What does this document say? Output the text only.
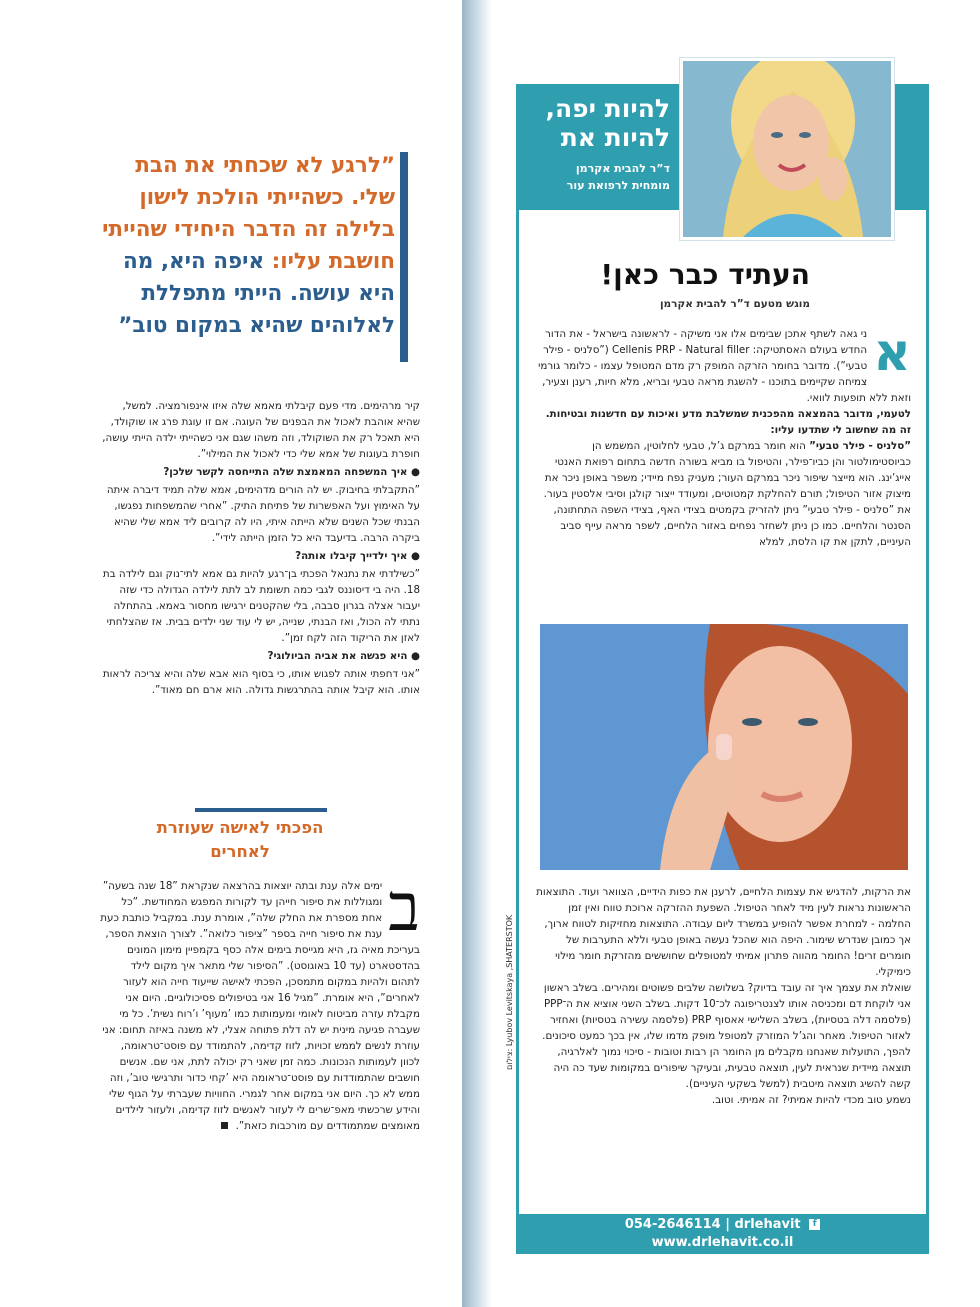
”לרגע לא שכחתי את הבת שלי. כשהייתי הולכת לישון בלילה זה הדבר היחידי שהייתי חושבת עליו: איפה היא, מה היא עושה. הייתי מתפללת לאלוהים שהיא במקום טוב”

קיר מרהימים. מדי פעם קיבלתי מאמא שלה איזו אינפורמציה. למשל, שהיא אוהבת לאכול את הבפנים של העוגה. אם זו עוגת פרג או שוקולד, היא תאכל רק את השוקולד, וזה משהו שגם אני כשהייתי ילדה הייתי עושה, חופרת בעוגות של אמא שלי כדי לאכול את המילוי”.

● איך המשפחה המאמצת שלה התייחסה לקשר שלכן?

”התקבלתי בחיבוק. יש לה הורים מדהימים, אמא שלה תמיד דיברה איתה על האימוץ ועל האפשרות של פתיחת התיק. ”אחרי שהמשפחות נפגשו, הבנתי שכל השנים שלא הייתה איתי, היו לה קרובים ליד אמא שלי שהיא ביקרה הרבה. בדיעבד היא כל הזמן הייתה לידי”.

● איך ילדייך קיבלו אותה?

”כשילדתי את נתנאל הפכתי בן־רגע להיות גם אמא לתי־נוק וגם לילדה בת 18. היה בי דיסוננס לגבי כמה תשומת לב לתת לילדה הגדולה כדי שזה יעבור אצלה בגרון סבבה, בלי שהקטנים ירגישו מחסור באמא. בהתחלה נתתי לה הכול, ואז הבנתי, שנייה, יש לי עוד שני ילדים בבית. אז שהצלחתי לאזן את הריקוד הזה לקח זמן”.

● היא פגשה את אביה הביולוגי?

”אני דחפתי אותה לפגוש אותו, כי בסוף הוא אבא שלה והיא צריכה לראות אותו. הוא קיבל אותה בהתרגשות גדולה. הוא ארם חם מאוד”.

הפכתי לאישה שעוזרת לאחרים
ב
ימים אלה ענת ובתה יוצאות בהרצאה שנקראת ”18 שנה בשעה” ומגוללות את סיפור חייהן עד לקורות המפגש המחודשת. ”כל אחת מספרת את החלק שלה”, אומרת ענת. במקביל כותבת כעת ענת את סיפור חייה בספר ”ציפור כלואה”. לצורך הוצאת הספר, בעריכת מאיה גז, היא מגייסת בימים אלה כסף בקמפיין מימון המונים בהדסטארט (עד 10 באוגוסט). ”הסיפור שלי מתאר איך מקום לילד לתהום ולהיות במקום מתמסכן, הפכתי לאישה שייעוד חייה הוא לעזור לאחרים”, היא אומרת. ”מגיל 16 אני בטיפולים פסיכולוגיים. היום אני מקבלת עזרה מביטוח לאומי ומעמותות כמו ’מעוף’ ו’רוח נשית’. כל מי שעברה פגיעה מינית יש לה דלת פתוחה אצלי, לא משנה באיזה תחום: אני עוזרת לנשים לממש זכויות, לזוז קדימה, להתמודד עם פוסט־טראומה, לכוון לעמותות הנכונות. כמה זמן שאני רק יכולה לתת, אני שם. אנשים חושבים שהתמודדות עם פוסט־טראומה היא ’קחי כדור ותרגישי טוב’, וזה ממש לא כך. היום אני במקום אחר לגמרי. החוויות שעברתי על הגוף שלי והידע שרכשתי מאפ־שרים לי לעזור לאנשים לזוז קדימה, ולעזור לילדים מאומצים שמתמודדים עם מורכבות כזאת”.
להיות יפה, להיות את
ד”ר להבית אקרמן
מומחית לרפואת עור
העתיד כבר כאן!
מוגש מטעם ד”ר להבית אקרמן
א

ני גאה לשתף אתכן שבימים אלו אני משיקה - לראשונה בישראל - את הדור החדש בעולם האסתטיקה: Cellenis PRP - Natural filler (”סלניס - פילר טבעי”). מדובר בחומר הזרקה המופק רק מדם המטופל עצמו - כלומר גורמי צמיחה שקיימים בתוכנו - להשגת מראה טבעי ובריא, מלא חיות, רענן וצעיר, וזאת ללא תופעות לוואי.

לטעמי, מדובר בהמצאה מהפכנית שמשלבת מדע ואיכות עם חדשנות ובטיחות. זה מה שחשוב לי שתדעו עליו:

”סלניס - פילר טבעי” הוא חומר במרקם ג’ל, טבעי לחלוטין, המשמש הן כביוסטימולטור והן כביו־פילר, והטיפול בו מביא בשורה חדשה בתחום רפואת האנטי אייג’ינג. הוא מייצר שיפור ניכר במרקם העור; מעניק נפח מיידי; משפר באופן ניכר את מיצוק אזור הטיפול; תורם להחלקת קמטוטים, ומעודד ייצור קולגן וסיבי אלסטין בעור.

את ”סלניס - פילר טבעי” ניתן להזריק בקמטים בצידי האף, בצידי השפה התחתונה, הסנטר והלחיים. כמו כן ניתן לשחזר נפחים באזור הלחיים, לשפר מראה עייף סביב העיניים, לתקן את קו הלסת, למלא

צילום: Lyubov Levitskaya ,SHATERSTOK

את הרקות, להדגיש את עצמות הלחיים, לרענן את כפות הידיים, הצוואר ועוד. התוצאות הראשונות נראות לעין מיד לאחר הטיפול. השפעת ההזרקה ארוכת טווח ואין זמן החלמה - למחרת אפשר להופיע במשרד ליום עבודה. התוצאות מחזיקות לטווח ארוך, אך כמובן שנדרש שימור. היפה הוא שהכל נעשה באופן טבעי וללא התערבות של חומרים זרים! החומר מהווה פתרון אמיתי למטופלים שחוששים מהזרקת חומר מילוי כימיקלי.

שואלת את עצמך איך זה עובד בדיוק? בשלושה שלבים פשוטים ומהירים. בשלב ראשון אני לוקחת דם ומכניסה אותו לצנטריפוגה לכ־10 דקות. בשלב השני אוציא את ה־PPP (פלסמה דלה בטסיות), בשלב השלישי אאסוף PRP (פלסמה עשירה בטסיות) ואחזיר לאזור הטיפול. מאחר והג’ל המוזרק למטופל מופק מדמו שלו, אין בכך כמעט סיכונים. להפך, התועלות שאנחנו מקבלים מן החומר הן רבות וטובות - סיכוי נמוך לאלרגיה, תוצאה מיידית שנראית לעין, תוצאה טבעית, ובעיקר שיפורים במקומות שעד כה היה קשה להשיג תוצאה מיטבית (למשל בשקעי העיניים).

נשמע טוב מכדי להיות אמיתי? זה אמיתי. וטוב.

054-2646114 | drlehavit f
www.drlehavit.co.il
